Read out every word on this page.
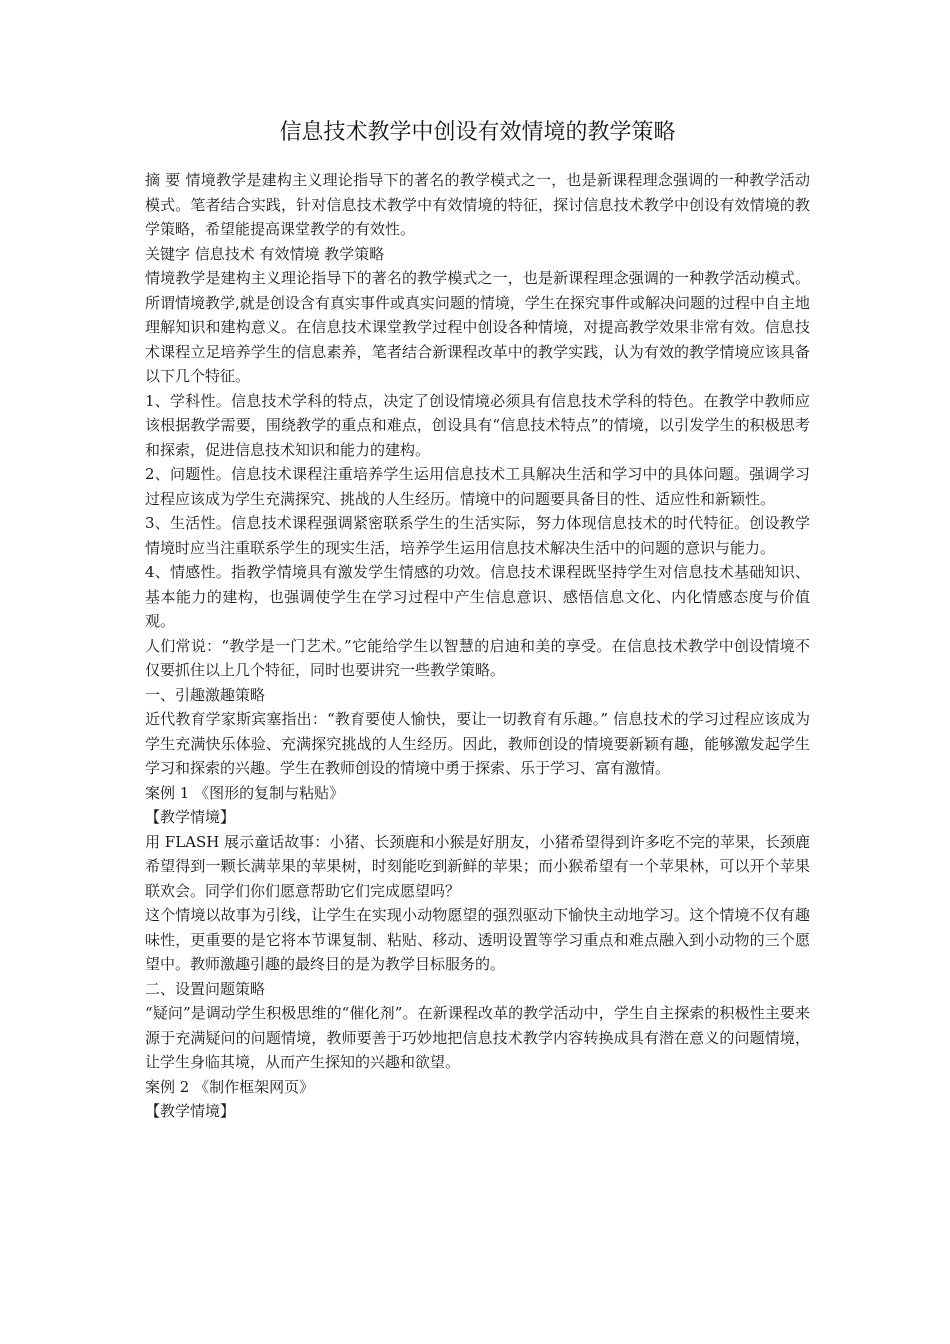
信息技术教学中创设有效情境的教学策略

摘 要 情境教学是建构主义理论指导下的著名的教学模式之一，也是新课程理念强调的一种教学活动模式。笔者结合实践，针对信息技术教学中有效情境的特征，探讨信息技术教学中创设有效情境的教学策略，希望能提高课堂教学的有效性。

关键字 信息技术 有效情境 教学策略

情境教学是建构主义理论指导下的著名的教学模式之一，也是新课程理念强调的一种教学活动模式。所谓情境教学,就是创设含有真实事件或真实问题的情境，学生在探究事件或解决问题的过程中自主地理解知识和建构意义。在信息技术课堂教学过程中创设各种情境，对提高教学效果非常有效。信息技术课程立足培养学生的信息素养，笔者结合新课程改革中的教学实践，认为有效的教学情境应该具备以下几个特征。

1、学科性。信息技术学科的特点，决定了创设情境必须具有信息技术学科的特色。在教学中教师应该根据教学需要，围绕教学的重点和难点，创设具有“信息技术特点”的情境，以引发学生的积极思考和探索，促进信息技术知识和能力的建构。

2、问题性。信息技术课程注重培养学生运用信息技术工具解决生活和学习中的具体问题。强调学习过程应该成为学生充满探究、挑战的人生经历。情境中的问题要具备目的性、适应性和新颖性。

3、生活性。信息技术课程强调紧密联系学生的生活实际，努力体现信息技术的时代特征。创设教学情境时应当注重联系学生的现实生活，培养学生运用信息技术解决生活中的问题的意识与能力。

4、情感性。指教学情境具有激发学生情感的功效。信息技术课程既坚持学生对信息技术基础知识、基本能力的建构，也强调使学生在学习过程中产生信息意识、感悟信息文化、内化情感态度与价值观。

人们常说：“教学是一门艺术。”它能给学生以智慧的启迪和美的享受。在信息技术教学中创设情境不仅要抓住以上几个特征，同时也要讲究一些教学策略。

一、引趣激趣策略

近代教育学家斯宾塞指出：“教育要使人愉快，要让一切教育有乐趣。” 信息技术的学习过程应该成为学生充满快乐体验、充满探究挑战的人生经历。因此，教师创设的情境要新颖有趣，能够激发起学生学习和探索的兴趣。学生在教师创设的情境中勇于探索、乐于学习、富有激情。

案例 1 《图形的复制与粘贴》

【教学情境】

用 FLASH 展示童话故事：小猪、长颈鹿和小猴是好朋友，小猪希望得到许多吃不完的苹果，长颈鹿希望得到一颗长满苹果的苹果树，时刻能吃到新鲜的苹果；而小猴希望有一个苹果林，可以开个苹果联欢会。同学们你们愿意帮助它们完成愿望吗？

这个情境以故事为引线，让学生在实现小动物愿望的强烈驱动下愉快主动地学习。这个情境不仅有趣味性，更重要的是它将本节课复制、粘贴、移动、透明设置等学习重点和难点融入到小动物的三个愿望中。教师激趣引趣的最终目的是为教学目标服务的。

二、设置问题策略

“疑问”是调动学生积极思维的“催化剂”。在新课程改革的教学活动中，学生自主探索的积极性主要来源于充满疑问的问题情境，教师要善于巧妙地把信息技术教学内容转换成具有潜在意义的问题情境，让学生身临其境，从而产生探知的兴趣和欲望。

案例 2 《制作框架网页》

【教学情境】
